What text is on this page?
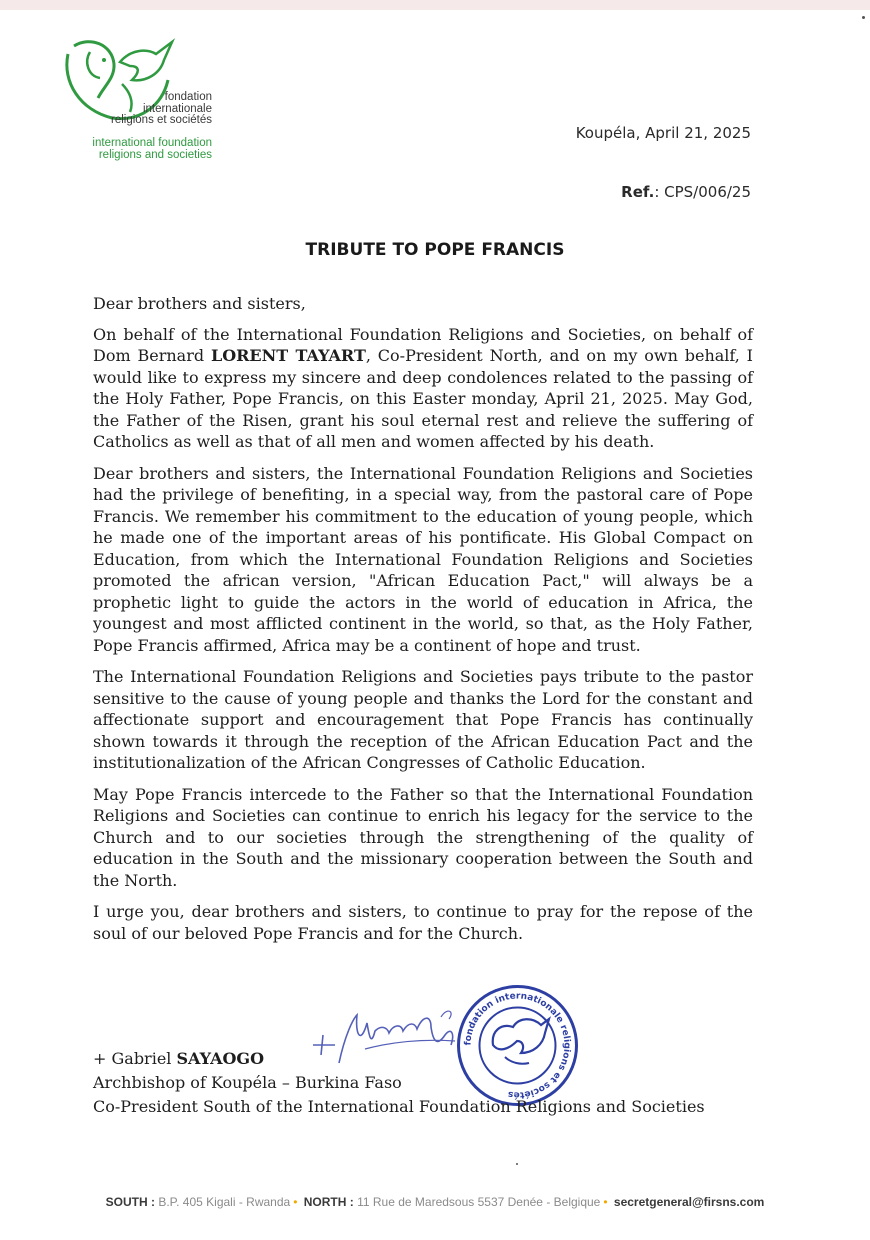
fondation
internationale
religions et sociétés
international foundation
religions and societies
Koupéla, April 21, 2025
Ref.: CPS/006/25
TRIBUTE TO POPE FRANCIS

Dear brothers and sisters,

On behalf of the International Foundation Religions and Societies, on behalf of Dom Bernard LORENT TAYART, Co-President North, and on my own behalf, I would like to express my sincere and deep condolences related to the passing of the Holy Father, Pope Francis, on this Easter monday, April 21, 2025. May God, the Father of the Risen, grant his soul eternal rest and relieve the suffering of Catholics as well as that of all men and women affected by his death.

Dear brothers and sisters, the International Foundation Religions and Societies had the privilege of benefiting, in a special way, from the pastoral care of Pope Francis. We remember his commitment to the education of young people, which he made one of the important areas of his pontificate. His Global Compact on Education, from which the International Foundation Religions and Societies promoted the african version, "African Education Pact," will always be a prophetic light to guide the actors in the world of education in Africa, the youngest and most afflicted continent in the world, so that, as the Holy Father, Pope Francis affirmed, Africa may be a continent of hope and trust.

The International Foundation Religions and Societies pays tribute to the pastor sensitive to the cause of young people and thanks the Lord for the constant and affectionate support and encouragement that Pope Francis has continually shown towards it through the reception of the African Education Pact and the institutionalization of the African Congresses of Catholic Education.

May Pope Francis intercede to the Father so that the International Foundation Religions and Societies can continue to enrich his legacy for the service to the Church and to our societies through the strengthening of the quality of education in the South and the missionary cooperation between the South and the North.

I urge you, dear brothers and sisters, to continue to pray for the repose of the soul of our beloved Pope Francis and for the Church.

fondation internationale religions et sociétés
+ Gabriel SAYAOGO
Archbishop of Koupéla – Burkina Faso
Co-President South of the International Foundation Religions and Societies
SOUTH : B.P. 405 Kigali - Rwanda • NORTH : 11 Rue de Maredsous 5537 Denée - Belgique • secretgeneral@firsns.com
